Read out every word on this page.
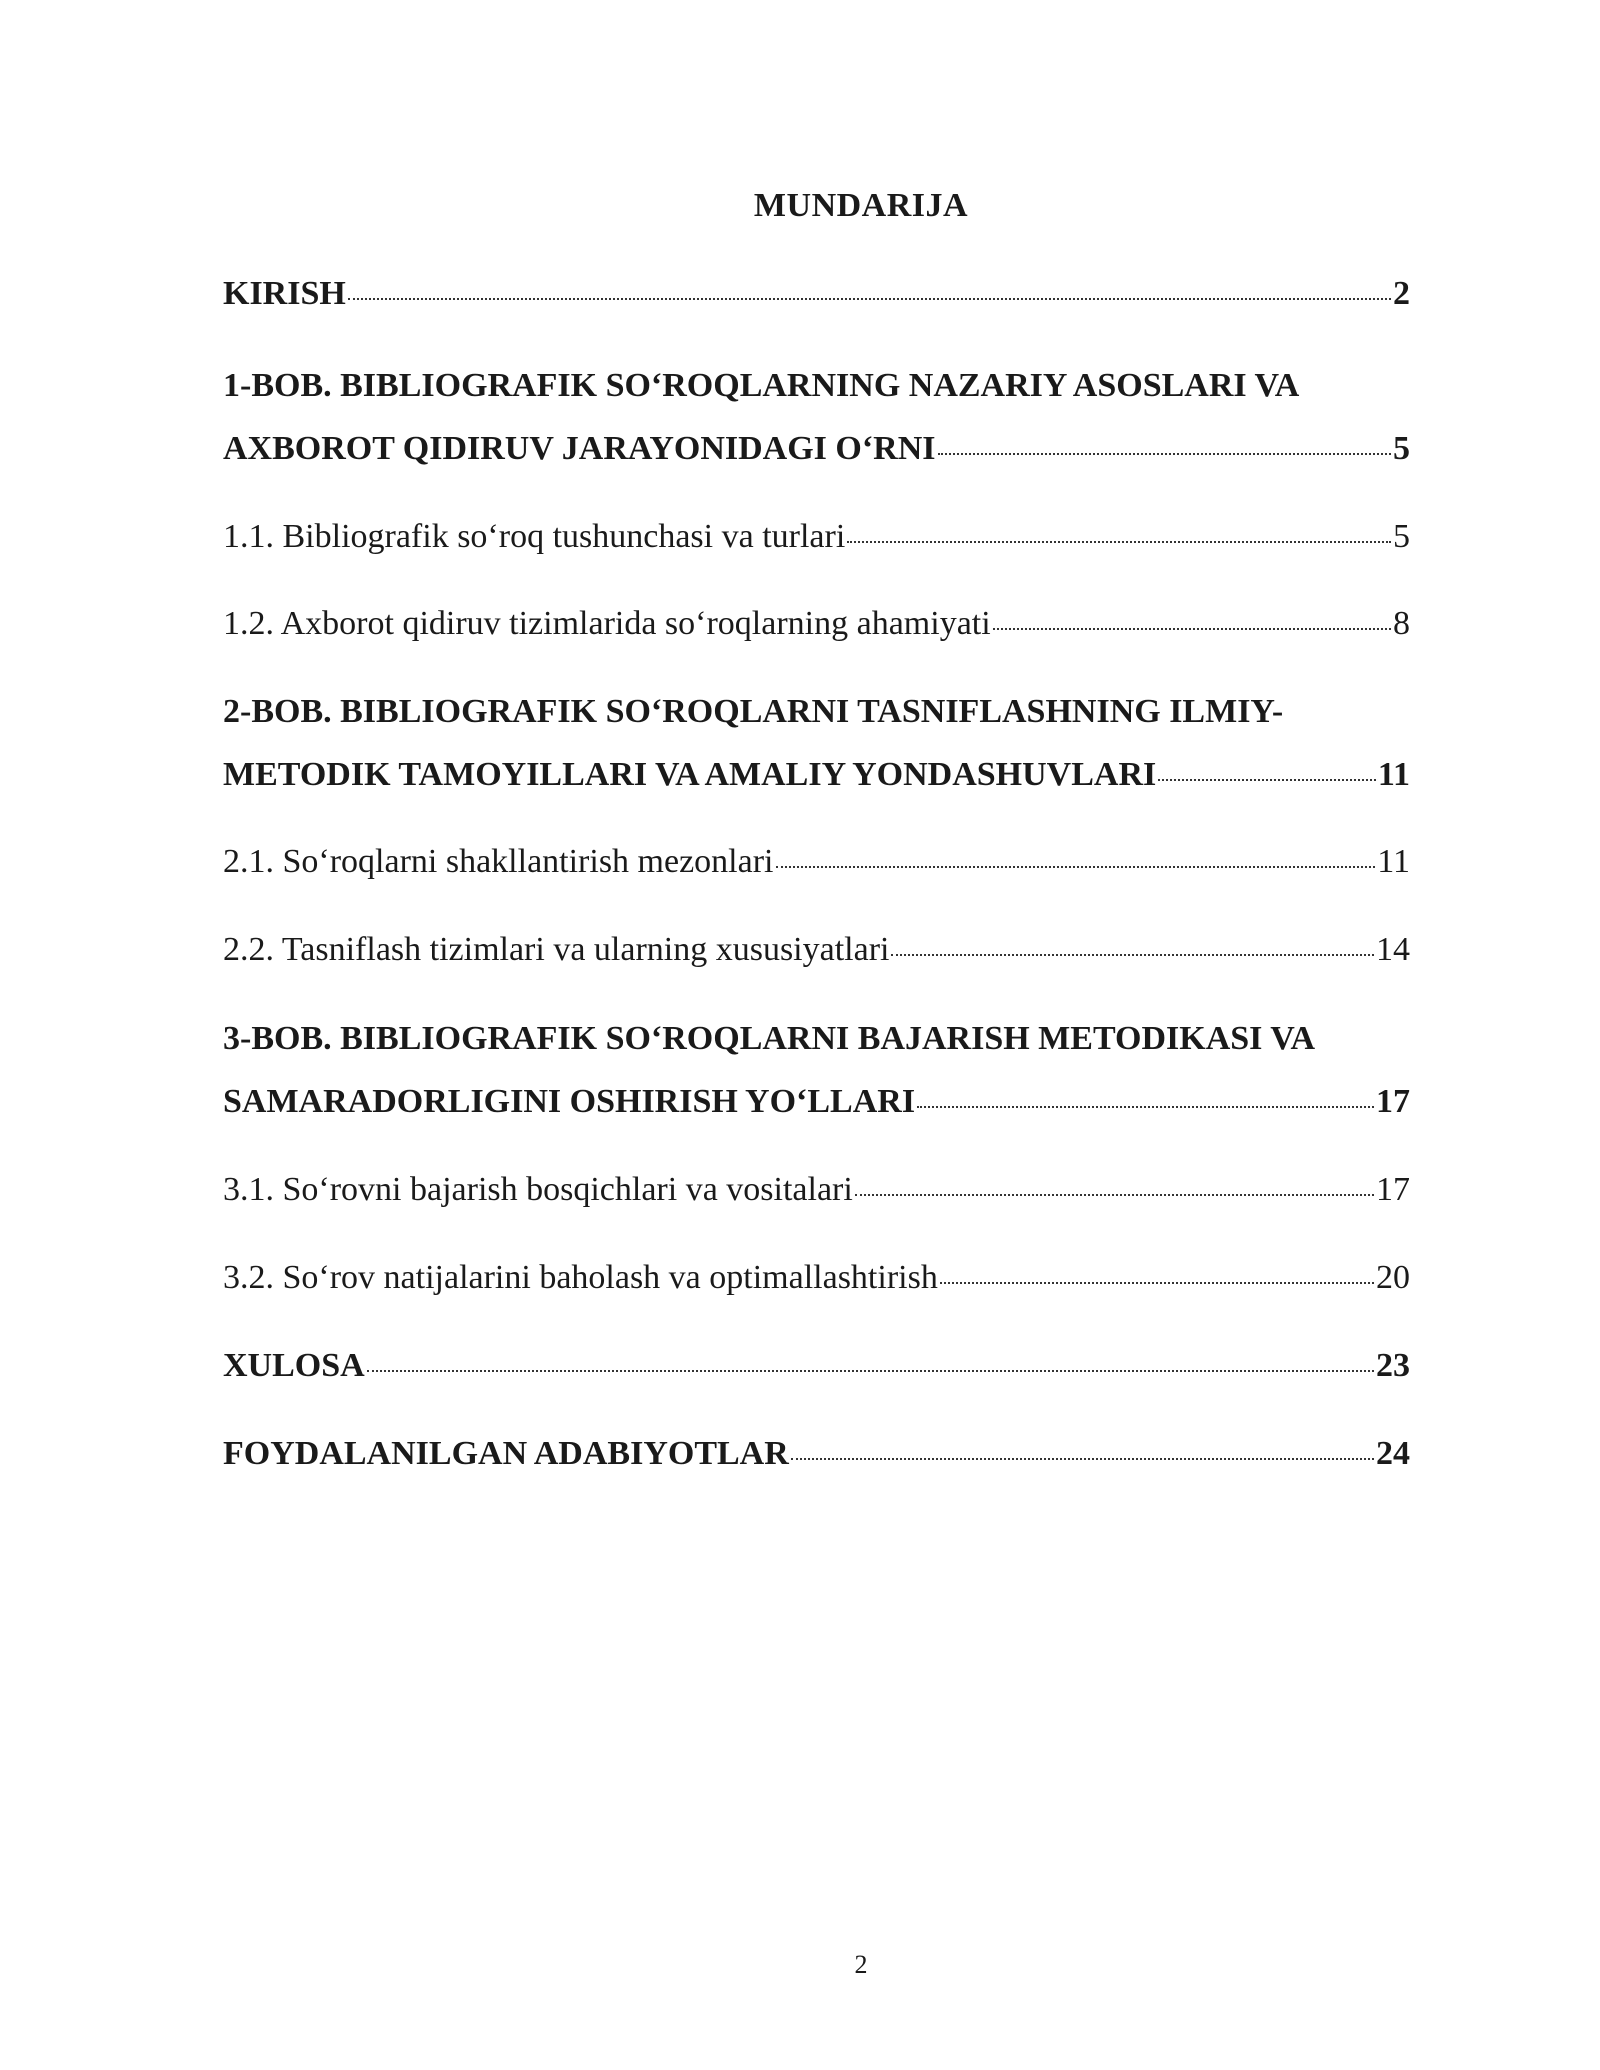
MUNDARIJA
KIRISH	2
1-BOB. BIBLIOGRAFIK SO‘ROQLARNING NAZARIY ASOSLARI VA
AXBOROT QIDIRUV JARAYONIDAGI O‘RNI	5
1.1. Bibliografik so‘roq tushunchasi va turlari	5
1.2. Axborot qidiruv tizimlarida so‘roqlarning ahamiyati	8
2-BOB. BIBLIOGRAFIK SO‘ROQLARNI TASNIFLASHNING ILMIY-
METODIK TAMOYILLARI VA AMALIY YONDASHUVLARI	11
2.1. So‘roqlarni shakllantirish mezonlari	11
2.2. Tasniflash tizimlari va ularning xususiyatlari	14
3-BOB. BIBLIOGRAFIK SO‘ROQLARNI BAJARISH METODIKASI VA
SAMARADORLIGINI OSHIRISH YO‘LLARI	17
3.1. So‘rovni bajarish bosqichlari va vositalari	17
3.2. So‘rov natijalarini baholash va optimallashtirish	20
XULOSA	23
FOYDALANILGAN ADABIYOTLAR	24
2
